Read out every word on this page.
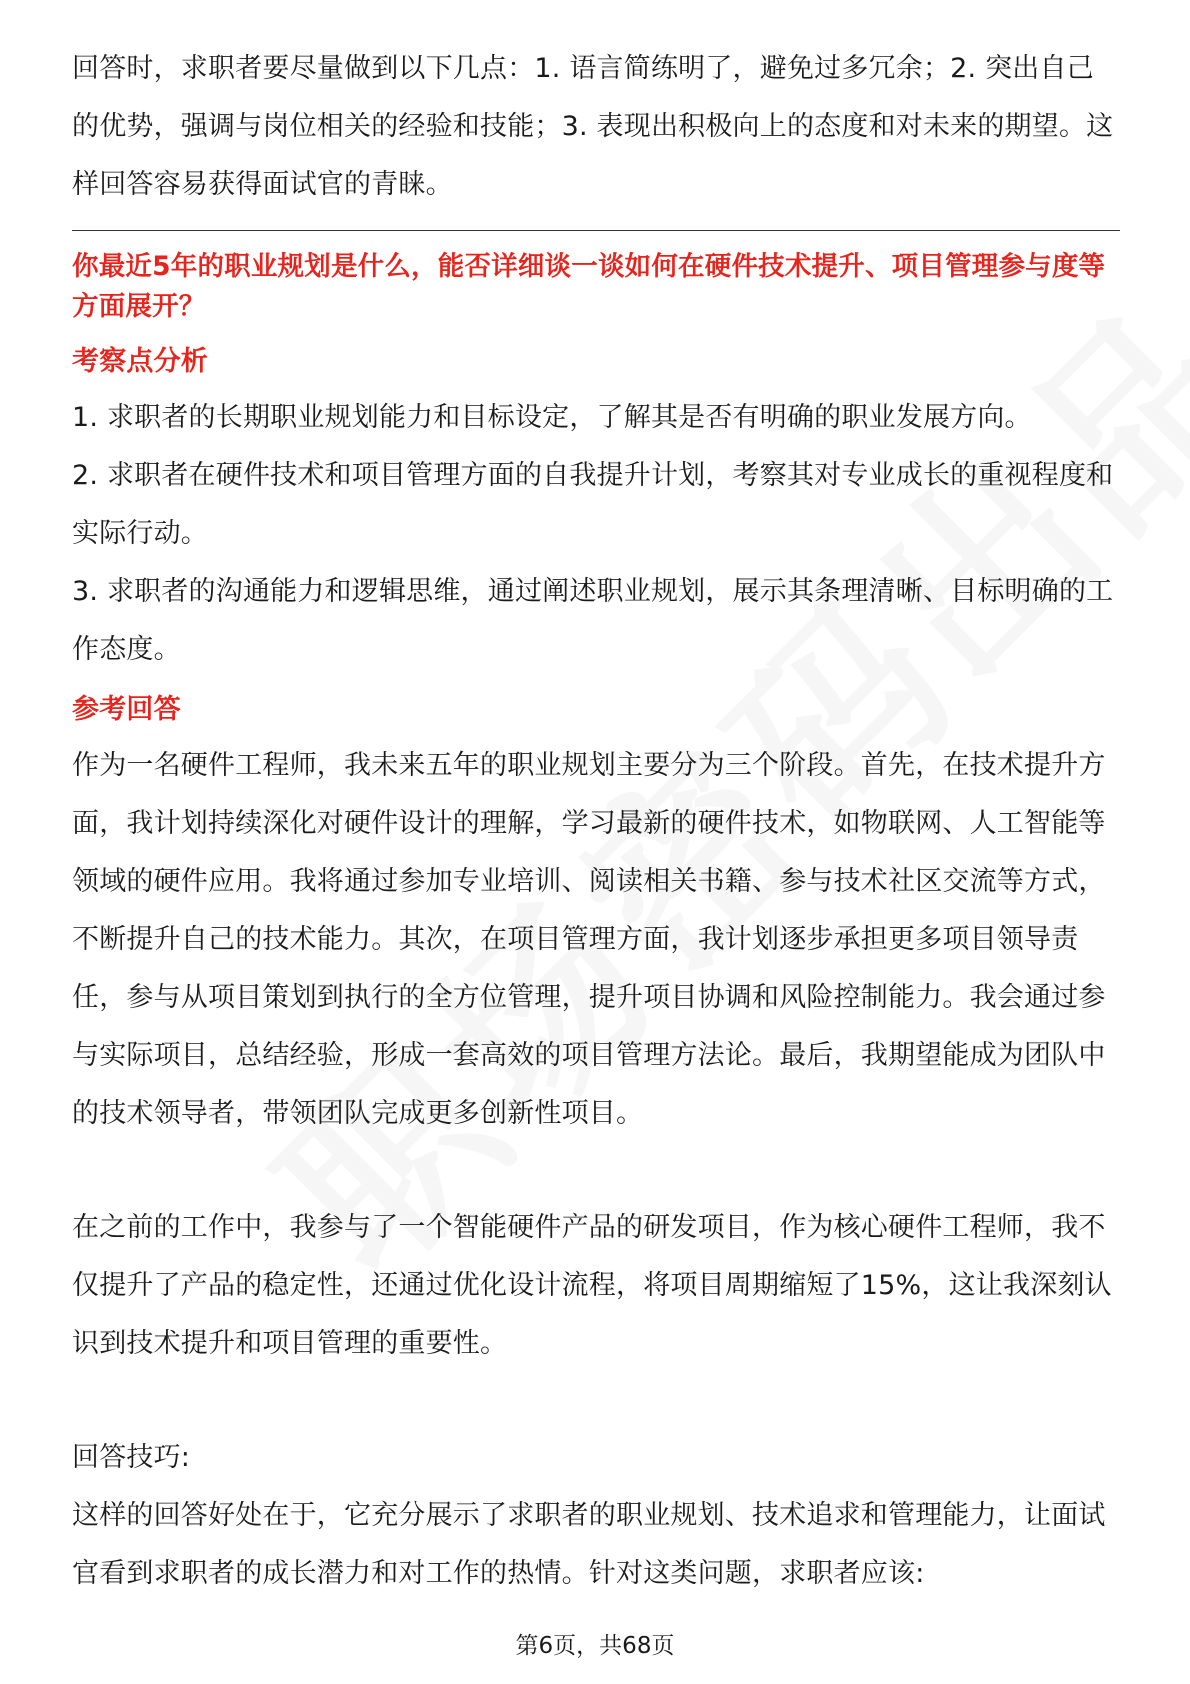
回答时，求职者要尽量做到以下几点：1. 语言简练明了，避免过多冗余；2. 突出自己的优势，强调与岗位相关的经验和技能；3. 表现出积极向上的态度和对未来的期望。这样回答容易获得面试官的青睐。

你最近5年的职业规划是什么，能否详细谈一谈如何在硬件技术提升、项目管理参与度等方面展开？

考察点分析

1. 求职者的长期职业规划能力和目标设定，了解其是否有明确的职业发展方向。

2. 求职者在硬件技术和项目管理方面的自我提升计划，考察其对专业成长的重视程度和实际行动。

3. 求职者的沟通能力和逻辑思维，通过阐述职业规划，展示其条理清晰、目标明确的工作态度。

参考回答

作为一名硬件工程师，我未来五年的职业规划主要分为三个阶段。首先，在技术提升方面，我计划持续深化对硬件设计的理解，学习最新的硬件技术，如物联网、人工智能等领域的硬件应用。我将通过参加专业培训、阅读相关书籍、参与技术社区交流等方式，不断提升自己的技术能力。其次，在项目管理方面，我计划逐步承担更多项目领导责任，参与从项目策划到执行的全方位管理，提升项目协调和风险控制能力。我会通过参与实际项目，总结经验，形成一套高效的项目管理方法论。最后，我期望能成为团队中的技术领导者，带领团队完成更多创新性项目。

在之前的工作中，我参与了一个智能硬件产品的研发项目，作为核心硬件工程师，我不仅提升了产品的稳定性，还通过优化设计流程，将项目周期缩短了15%，这让我深刻认识到技术提升和项目管理的重要性。

回答技巧:

这样的回答好处在于，它充分展示了求职者的职业规划、技术追求和管理能力，让面试官看到求职者的成长潜力和对工作的热情。针对这类问题，求职者应该:

第6页，共68页
